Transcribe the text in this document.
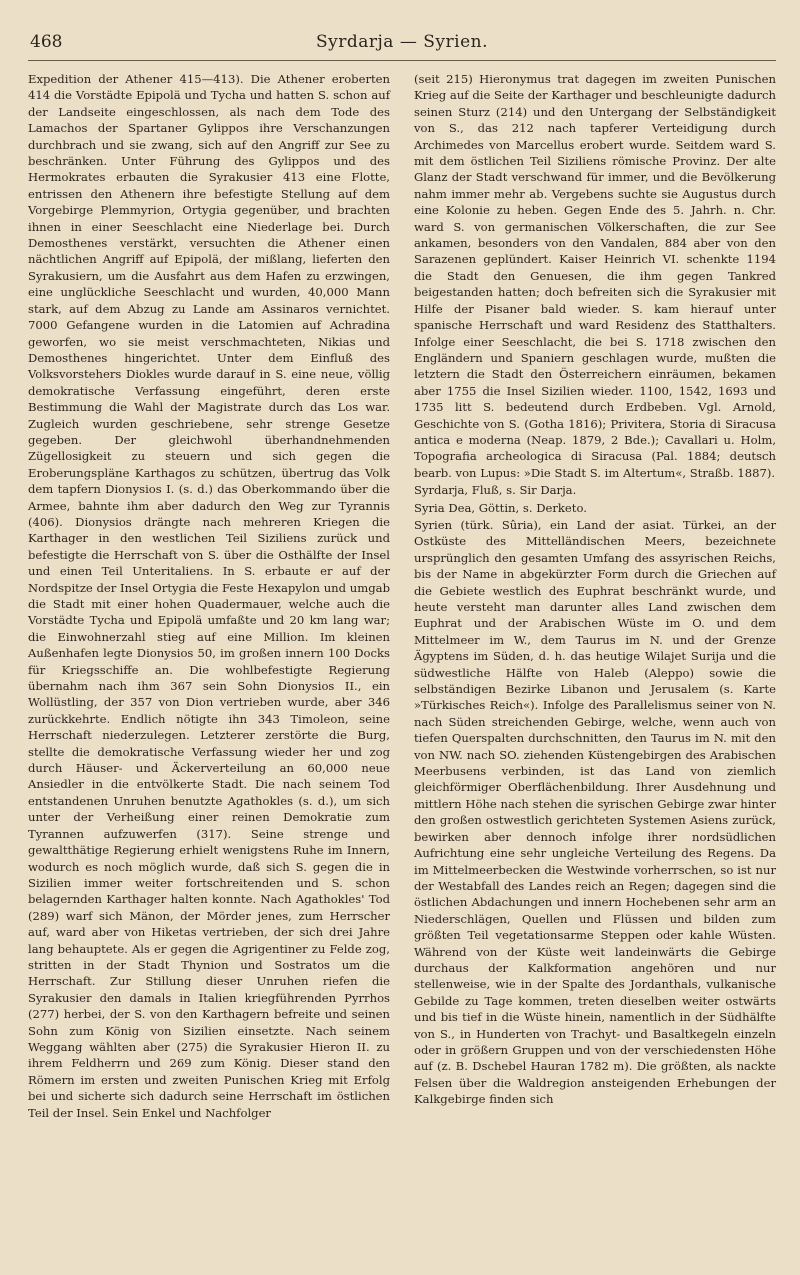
468	Syrdarja — Syrien.

Expedition der Athener 415—413). Die Athener eroberten 414 die Vorstädte Epipolä und Tycha und hatten S. schon auf der Landseite eingeschlossen, als nach dem Tode des Lamachos der Spartaner Gylippos ihre Verschanzungen durchbrach und sie zwang, sich auf den Angriff zur See zu beschränken. Unter Führung des Gylippos und des Hermokrates erbauten die Syrakusier 413 eine Flotte, entrissen den Athenern ihre befestigte Stellung auf dem Vorgebirge Plemmyrion, Ortygia gegenüber, und brachten ihnen in einer Seeschlacht eine Niederlage bei. Durch Demosthenes verstärkt, versuchten die Athener einen nächtlichen Angriff auf Epipolä, der mißlang, lieferten den Syrakusiern, um die Ausfahrt aus dem Hafen zu erzwingen, eine unglückliche Seeschlacht und wurden, 40,000 Mann stark, auf dem Abzug zu Lande am Assinaros vernichtet. 7000 Gefangene wurden in die Latomien auf Achradina geworfen, wo sie meist verschmachteten, Nikias und Demosthenes hingerichtet. Unter dem Einfluß des Volksvorstehers Diokles wurde darauf in S. eine neue, völlig demokratische Verfassung eingeführt, deren erste Bestimmung die Wahl der Magistrate durch das Los war. Zugleich wurden geschriebene, sehr strenge Gesetze gegeben. Der gleichwohl überhandnehmenden Zügellosigkeit zu steuern und sich gegen die Eroberungspläne Karthagos zu schützen, übertrug das Volk dem tapfern Dionysios I. (s. d.) das Oberkommando über die Armee, bahnte ihm aber dadurch den Weg zur Tyrannis (406). Dionysios drängte nach mehreren Kriegen die Karthager in den westlichen Teil Siziliens zurück und befestigte die Herrschaft von S. über die Osthälfte der Insel und einen Teil Unteritaliens. In S. erbaute er auf der Nordspitze der Insel Ortygia die Feste Hexapylon und umgab die Stadt mit einer hohen Quadermauer, welche auch die Vorstädte Tycha und Epipolä umfaßte und 20 km lang war; die Einwohnerzahl stieg auf eine Million. Im kleinen Außenhafen legte Dionysios 50, im großen innern 100 Docks für Kriegsschiffe an. Die wohlbefestigte Regierung übernahm nach ihm 367 sein Sohn Dionysios II., ein Wollüstling, der 357 von Dion vertrieben wurde, aber 346 zurückkehrte. Endlich nötigte ihn 343 Timoleon, seine Herrschaft niederzulegen. Letzterer zerstörte die Burg, stellte die demokratische Verfassung wieder her und zog durch Häuser- und Äckerverteilung an 60,000 neue Ansiedler in die entvölkerte Stadt. Die nach seinem Tod entstandenen Unruhen benutzte Agathokles (s. d.), um sich unter der Verheißung einer reinen Demokratie zum Tyrannen aufzuwerfen (317). Seine strenge und gewaltthätige Regierung erhielt wenigstens Ruhe im Innern, wodurch es noch möglich wurde, daß sich S. gegen die in Sizilien immer weiter fortschreitenden und S. schon belagernden Karthager halten konnte. Nach Agathokles' Tod (289) warf sich Mänon, der Mörder jenes, zum Herrscher auf, ward aber von Hiketas vertrieben, der sich drei Jahre lang behauptete. Als er gegen die Agrigentiner zu Felde zog, stritten in der Stadt Thynion und Sostratos um die Herrschaft. Zur Stillung dieser Unruhen riefen die Syrakusier den damals in Italien kriegführenden Pyrrhos (277) herbei, der S. von den Karthagern befreite und seinen Sohn zum König von Sizilien einsetzte. Nach seinem Weggang wählten aber (275) die Syrakusier Hieron II. zu ihrem Feldherrn und 269 zum König. Dieser stand den Römern im ersten und zweiten Punischen Krieg mit Erfolg bei und sicherte sich dadurch seine Herrschaft im östlichen Teil der Insel. Sein Enkel und Nachfolger

(seit 215) Hieronymus trat dagegen im zweiten Punischen Krieg auf die Seite der Karthager und beschleunigte dadurch seinen Sturz (214) und den Untergang der Selbständigkeit von S., das 212 nach tapferer Verteidigung durch Archimedes von Marcellus erobert wurde. Seitdem ward S. mit dem östlichen Teil Siziliens römische Provinz. Der alte Glanz der Stadt verschwand für immer, und die Bevölkerung nahm immer mehr ab. Vergebens suchte sie Augustus durch eine Kolonie zu heben. Gegen Ende des 5. Jahrh. n. Chr. ward S. von germanischen Völkerschaften, die zur See ankamen, besonders von den Vandalen, 884 aber von den Sarazenen geplündert. Kaiser Heinrich VI. schenkte 1194 die Stadt den Genuesen, die ihm gegen Tankred beigestanden hatten; doch befreiten sich die Syrakusier mit Hilfe der Pisaner bald wieder. S. kam hierauf unter spanische Herrschaft und ward Residenz des Statthalters. Infolge einer Seeschlacht, die bei S. 1718 zwischen den Engländern und Spaniern geschlagen wurde, mußten die letztern die Stadt den Österreichern einräumen, bekamen aber 1755 die Insel Sizilien wieder. 1100, 1542, 1693 und 1735 litt S. bedeutend durch Erdbeben. Vgl. Arnold, Geschichte von S. (Gotha 1816); Privitera, Storia di Siracusa antica e moderna (Neap. 1879, 2 Bde.); Cavallari u. Holm, Topografia archeologica di Siracusa (Pal. 1884; deutsch bearb. von Lupus: »Die Stadt S. im Altertum«, Straßb. 1887).

Syrdarja, Fluß, s. Sir Darja.

Syria Dea, Göttin, s. Derketo.

Syrien (türk. Sûria), ein Land der asiat. Türkei, an der Ostküste des Mittelländischen Meers, bezeichnete ursprünglich den gesamten Umfang des assyrischen Reichs, bis der Name in abgekürzter Form durch die Griechen auf die Gebiete westlich des Euphrat beschränkt wurde, und heute versteht man darunter alles Land zwischen dem Euphrat und der Arabischen Wüste im O. und dem Mittelmeer im W., dem Taurus im N. und der Grenze Ägyptens im Süden, d. h. das heutige Wilajet Surija und die südwestliche Hälfte von Haleb (Aleppo) sowie die selbständigen Bezirke Libanon und Jerusalem (s. Karte »Türkisches Reich«). Infolge des Parallelismus seiner von N. nach Süden streichenden Gebirge, welche, wenn auch von tiefen Querspalten durchschnitten, den Taurus im N. mit den von NW. nach SO. ziehenden Küstengebirgen des Arabischen Meerbusens verbinden, ist das Land von ziemlich gleichförmiger Oberflächenbildung. Ihrer Ausdehnung und mittlern Höhe nach stehen die syrischen Gebirge zwar hinter den großen ostwestlich gerichteten Systemen Asiens zurück, bewirken aber dennoch infolge ihrer nordsüdlichen Aufrichtung eine sehr ungleiche Verteilung des Regens. Da im Mittelmeerbecken die Westwinde vorherrschen, so ist nur der Westabfall des Landes reich an Regen; dagegen sind die östlichen Abdachungen und innern Hochebenen sehr arm an Niederschlägen, Quellen und Flüssen und bilden zum größten Teil vegetationsarme Steppen oder kahle Wüsten. Während von der Küste weit landeinwärts die Gebirge durchaus der Kalkformation angehören und nur stellenweise, wie in der Spalte des Jordanthals, vulkanische Gebilde zu Tage kommen, treten dieselben weiter ostwärts und bis tief in die Wüste hinein, namentlich in der Südhälfte von S., in Hunderten von Trachyt- und Basaltkegeln einzeln oder in größern Gruppen und von der verschiedensten Höhe auf (z. B. Dschebel Hauran 1782 m). Die größten, als nackte Felsen über die Waldregion ansteigenden Erhebungen der Kalkgebirge finden sich
